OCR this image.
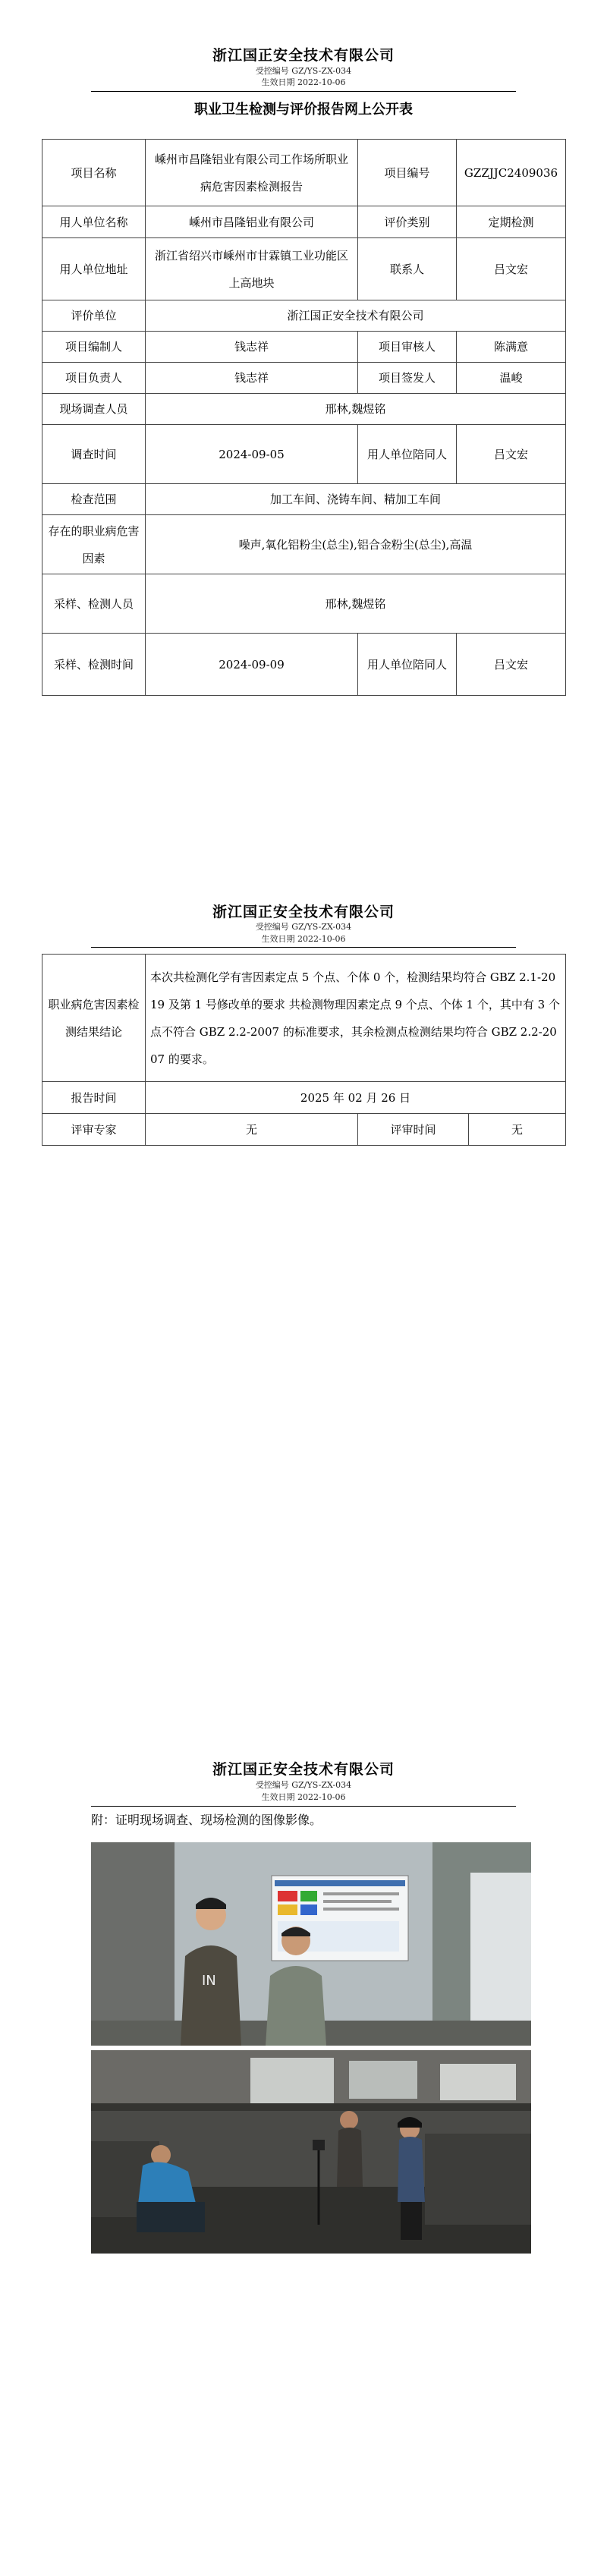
浙江国正安全技术有限公司
受控编号 GZ/YS-ZX-034
生效日期 2022-10-06
职业卫生检测与评价报告网上公开表
项目名称	嵊州市昌隆铝业有限公司工作场所职业病危害因素检测报告	项目编号	GZZJJC2409036
用人单位名称	嵊州市昌隆铝业有限公司	评价类别	定期检测
用人单位地址	浙江省绍兴市嵊州市甘霖镇工业功能区上高地块	联系人	吕文宏
评价单位	浙江国正安全技术有限公司		
项目编制人	钱志祥	项目审核人	陈满意
项目负责人	钱志祥	项目签发人	温峻
现场调查人员	邢林,魏煜铭		
调查时间	2024-09-05	用人单位陪同人	吕文宏
检查范围	加工车间、浇铸车间、精加工车间		
存在的职业病危害因素	噪声,氧化铝粉尘(总尘),铝合金粉尘(总尘),高温		
采样、检测人员	邢林,魏煜铭		
采样、检测时间	2024-09-09	用人单位陪同人	吕文宏
浙江国正安全技术有限公司
受控编号 GZ/YS-ZX-034
生效日期 2022-10-06
职业病危害因素检测结果结论	本次共检测化学有害因素定点 5 个点、个体 0 个，检测结果均符合 GBZ 2.1-2019 及第 1 号修改单的要求 共检测物理因素定点 9 个点、个体 1 个，其中有 3 个点不符合 GBZ 2.2-2007 的标准要求，其余检测点检测结果均符合 GBZ 2.2-2007 的要求。		
报告时间	2025 年 02 月 26 日		
评审专家	无	评审时间	无
浙江国正安全技术有限公司
受控编号 GZ/YS-ZX-034
生效日期 2022-10-06
附：证明现场调查、现场检测的图像影像。
IN
